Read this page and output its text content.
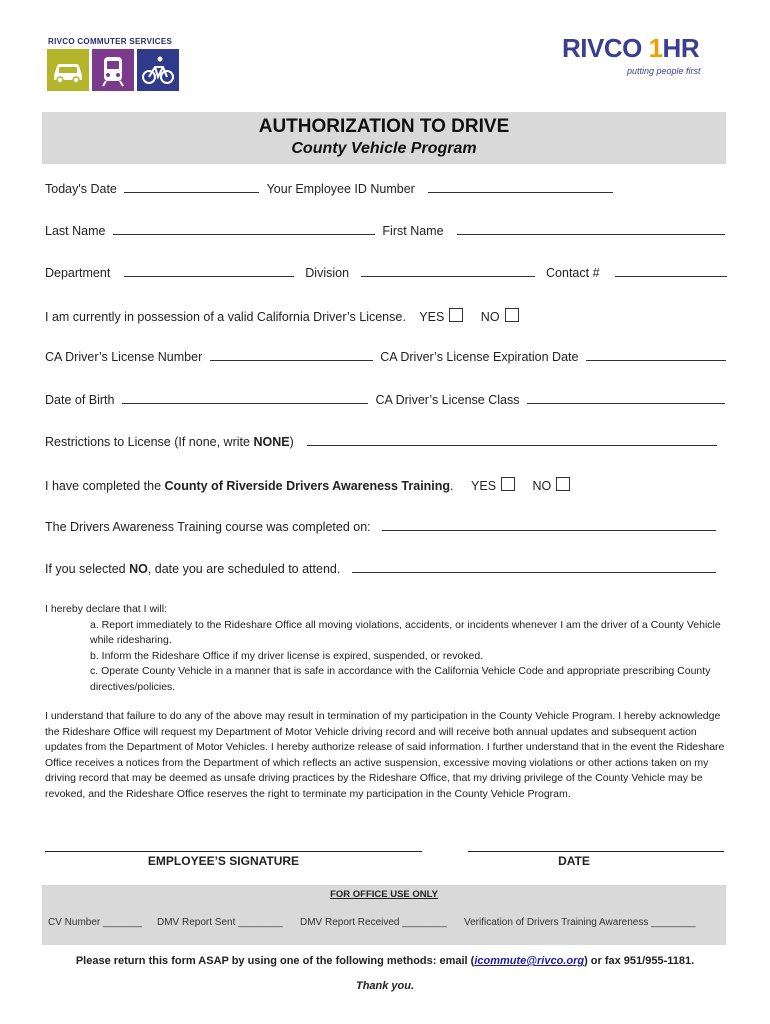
RIVCO COMMUTER SERVICES	RIVCO 1HR
putting people first
AUTHORIZATION TO DRIVE
County Vehicle Program
Today's Date	Your Employee ID Number
Last Name	First Name
Department	Division	Contact #
I am currently in possession of a valid California Driver’s License. YES	NO
CA Driver’s License Number	CA Driver’s License Expiration Date
Date of Birth	CA Driver’s License Class
Restrictions to License (If none, write NONE)
I have completed the County of Riverside Drivers Awareness Training. YES	NO
The Drivers Awareness Training course was completed on:
If you selected NO, date you are scheduled to attend.
I hereby declare that I will:
a. Report immediately to the Rideshare Office all moving violations, accidents, or incidents whenever I am the driver of a County Vehicle while ridesharing.
b. Inform the Rideshare Office if my driver license is expired, suspended, or revoked.
c. Operate County Vehicle in a manner that is safe in accordance with the California Vehicle Code and appropriate prescribing County directives/policies.
I understand that failure to do any of the above may result in termination of my participation in the County Vehicle Program. I hereby acknowledge the Rideshare Office will request my Department of Motor Vehicle driving record and will receive both annual updates and subsequent action updates from the Department of Motor Vehicles. I hereby authorize release of said information. I further understand that in the event the Rideshare Office receives a notices from the Department of which reflects an active suspension, excessive moving violations or other actions taken on my driving record that may be deemed as unsafe driving practices by the Rideshare Office, that my driving privilege of the County Vehicle may be revoked, and the Rideshare Office reserves the right to terminate my participation in the County Vehicle Program.
EMPLOYEE’S SIGNATURE	DATE
FOR OFFICE USE ONLY
CV Number _______ DMV Report Sent ________ DMV Report Received ________ Verification of Drivers Training Awareness ________
Please return this form ASAP by using one of the following methods: email (icommute@rivco.org) or fax 951/955-1181.
Thank you.
